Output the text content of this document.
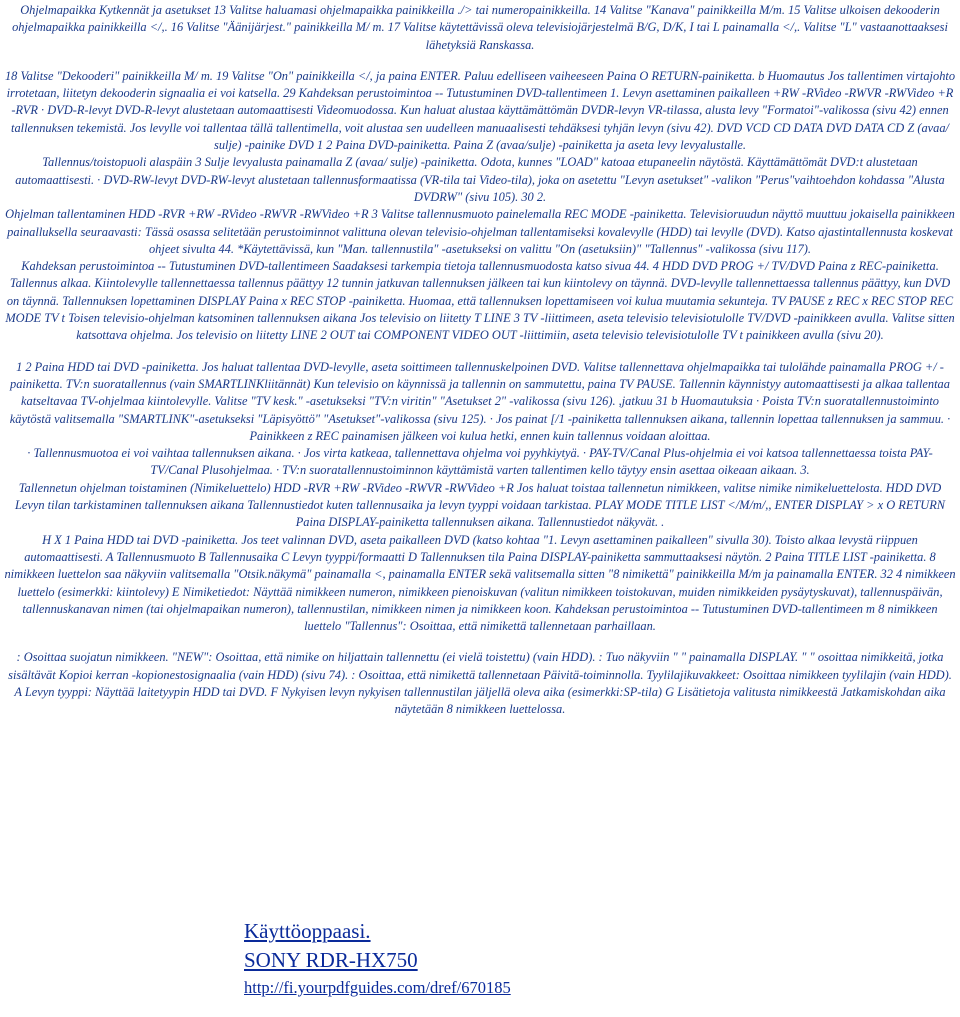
Ohjelmapaikka Kytkennät ja asetukset 13 Valitse haluamasi ohjelmapaikka painikkeilla ./> tai numeropainikkeilla. 14 Valitse "Kanava" painikkeilla M/m. 15 Valitse ulkoisen dekooderin ohjelmapaikka painikkeilla </,. 16 Valitse "Äänijärjest." painikkeilla M/ m. 17 Valitse käytettävissä oleva televisiojärjestelmä B/G, D/K, I tai L painamalla </,. Valitse "L" vastaanottaaksesi lähetyksiä Ranskassa.

18 Valitse "Dekooderi" painikkeilla M/ m. 19 Valitse "On" painikkeilla </, ja paina ENTER. Paluu edelliseen vaiheeseen Paina O RETURN-painiketta. b Huomautus Jos tallentimen virtajohto irrotetaan, liitetyn dekooderin signaalia ei voi katsella. 29 Kahdeksan perustoimintoa -- Tutustuminen DVD-tallentimeen 1. Levyn asettaminen paikalleen +RW -RVideo -RWVR -RWVideo +R -RVR · DVD-R-levyt DVD-R-levyt alustetaan automaattisesti Videomuodossa. Kun haluat alustaa käyttämättömän DVDR-levyn VR-tilassa, alusta levy "Formatoi"-valikossa (sivu 42) ennen tallennuksen tekemistä. Jos levylle voi tallentaa tällä tallentimella, voit alustaa sen uudelleen manuaalisesti tehdäksesi tyhjän levyn (sivu 42). DVD VCD CD DATA DVD DATA CD Z (avaa/ sulje) -painike DVD 1 2 Paina DVD-painiketta. Paina Z (avaa/sulje) -painiketta ja aseta levy levyalustalle.

Tallennus/toistopuoli alaspäin 3 Sulje levyalusta painamalla Z (avaa/ sulje) -painiketta. Odota, kunnes "LOAD" katoaa etupaneelin näytöstä. Käyttämättömät DVD:t alustetaan automaattisesti. · DVD-RW-levyt DVD-RW-levyt alustetaan tallennusformaatissa (VR-tila tai Video-tila), joka on asetettu "Levyn asetukset" -valikon "Perus"vaihtoehdon kohdassa "Alusta DVDRW" (sivu 105). 30 2.

Ohjelman tallentaminen HDD -RVR +RW -RVideo -RWVR -RWVideo +R 3 Valitse tallennusmuoto painelemalla REC MODE -painiketta. Televisioruudun näyttö muuttuu jokaisella painikkeen painalluksella seuraavasti: Tässä osassa selitetään perustoiminnot valittuna olevan televisio-ohjelman tallentamiseksi kovalevylle (HDD) tai levylle (DVD). Katso ajastintallennusta koskevat ohjeet sivulta 44. *Käytettävissä, kun "Man. tallennustila" -asetukseksi on valittu "On (asetuksiin)" "Tallennus" -valikossa (sivu 117).

Kahdeksan perustoimintoa -- Tutustuminen DVD-tallentimeen Saadaksesi tarkempia tietoja tallennusmuodosta katso sivua 44. 4 HDD DVD PROG +/ TV/DVD Paina z REC-painiketta. Tallennus alkaa. Kiintolevylle tallennettaessa tallennus päättyy 12 tunnin jatkuvan tallennuksen jälkeen tai kun kiintolevy on täynnä. DVD-levylle tallennettaessa tallennus päättyy, kun DVD on täynnä. Tallennuksen lopettaminen DISPLAY Paina x REC STOP -painiketta. Huomaa, että tallennuksen lopettamiseen voi kulua muutamia sekunteja. TV PAUSE z REC x REC STOP REC MODE TV t Toisen televisio-ohjelman katsominen tallennuksen aikana Jos televisio on liitetty T LINE 3 TV -liittimeen, aseta televisio televisiotulolle TV/DVD -painikkeen avulla. Valitse sitten katsottava ohjelma. Jos televisio on liitetty LINE 2 OUT tai COMPONENT VIDEO OUT -liittimiin, aseta televisio televisiotulolle TV t painikkeen avulla (sivu 20).

1 2 Paina HDD tai DVD -painiketta. Jos haluat tallentaa DVD-levylle, aseta soittimeen tallennuskelpoinen DVD. Valitse tallennettava ohjelmapaikka tai tulolähde painamalla PROG +/ -painiketta. TV:n suoratallennus (vain SMARTLINKliitännät) Kun televisio on käynnissä ja tallennin on sammutettu, paina TV PAUSE. Tallennin käynnistyy automaattisesti ja alkaa tallentaa katseltavaa TV-ohjelmaa kiintolevylle. Valitse "TV kesk." -asetukseksi "TV:n viritin" "Asetukset 2" -valikossa (sivu 126). ,jatkuu 31 b Huomautuksia · Poista TV:n suoratallennustoiminto käytöstä valitsemalla "SMARTLINK"-asetukseksi "Läpisyöttö" "Asetukset"-valikossa (sivu 125). · Jos painat [/1 -painiketta tallennuksen aikana, tallennin lopettaa tallennuksen ja sammuu. · Painikkeen z REC painamisen jälkeen voi kulua hetki, ennen kuin tallennus voidaan aloittaa.

· Tallennusmuotoa ei voi vaihtaa tallennuksen aikana. · Jos virta katkeaa, tallennettava ohjelma voi pyyhkiytyä. · PAY-TV/Canal Plus-ohjelmia ei voi katsoa tallennettaessa toista PAY-TV/Canal Plusohjelmaa. · TV:n suoratallennustoiminnon käyttämistä varten tallentimen kello täytyy ensin asettaa oikeaan aikaan. 3.

Tallennetun ohjelman toistaminen (Nimikeluettelo) HDD -RVR +RW -RVideo -RWVR -RWVideo +R Jos haluat toistaa tallennetun nimikkeen, valitse nimike nimikeluettelosta. HDD DVD Levyn tilan tarkistaminen tallennuksen aikana Tallennustiedot kuten tallennusaika ja levyn tyyppi voidaan tarkistaa. PLAY MODE TITLE LIST </M/m/,, ENTER DISPLAY > x O RETURN Paina DISPLAY-painiketta tallennuksen aikana. Tallennustiedot näkyvät. .

H X 1 Paina HDD tai DVD -painiketta. Jos teet valinnan DVD, aseta paikalleen DVD (katso kohtaa "1. Levyn asettaminen paikalleen" sivulla 30). Toisto alkaa levystä riippuen automaattisesti. A Tallennusmuoto B Tallennusaika C Levyn tyyppi/formaatti D Tallennuksen tila Paina DISPLAY-painiketta sammuttaaksesi näytön. 2 Paina TITLE LIST -painiketta. 8 nimikkeen luettelon saa näkyviin valitsemalla "Otsik.näkymä" painamalla <, painamalla ENTER sekä valitsemalla sitten "8 nimikettä" painikkeilla M/m ja painamalla ENTER. 32 4 nimikkeen luettelo (esimerkki: kiintolevy) E Nimiketiedot: Näyttää nimikkeen numeron, nimikkeen pienoiskuvan (valitun nimikkeen toistokuvan, muiden nimikkeiden pysäytyskuvat), tallennuspäivän, tallennuskanavan nimen (tai ohjelmapaikan numeron), tallennustilan, nimikkeen nimen ja nimikkeen koon. Kahdeksan perustoimintoa -- Tutustuminen DVD-tallentimeen m 8 nimikkeen luettelo "Tallennus": Osoittaa, että nimikettä tallennetaan parhaillaan.

: Osoittaa suojatun nimikkeen. "NEW": Osoittaa, että nimike on hiljattain tallennettu (ei vielä toistettu) (vain HDD). : Tuo näkyviin " " painamalla DISPLAY. " " osoittaa nimikkeitä, jotka sisältävät Kopioi kerran -kopionestosignaalia (vain HDD) (sivu 74). : Osoittaa, että nimikettä tallennetaan Päivitä-toiminnolla. Tyylilajikuvakkeet: Osoittaa nimikkeen tyylilajin (vain HDD). A Levyn tyyppi: Näyttää laitetyypin HDD tai DVD. F Nykyisen levyn nykyisen tallennustilan jäljellä oleva aika (esimerkki:SP-tila) G Lisätietoja valitusta nimikkeestä Jatkamiskohdan aika näytetään 8 nimikkeen luettelossa.

Käyttöoppaasi.
SONY RDR-HX750
http://fi.yourpdfguides.com/dref/670185
